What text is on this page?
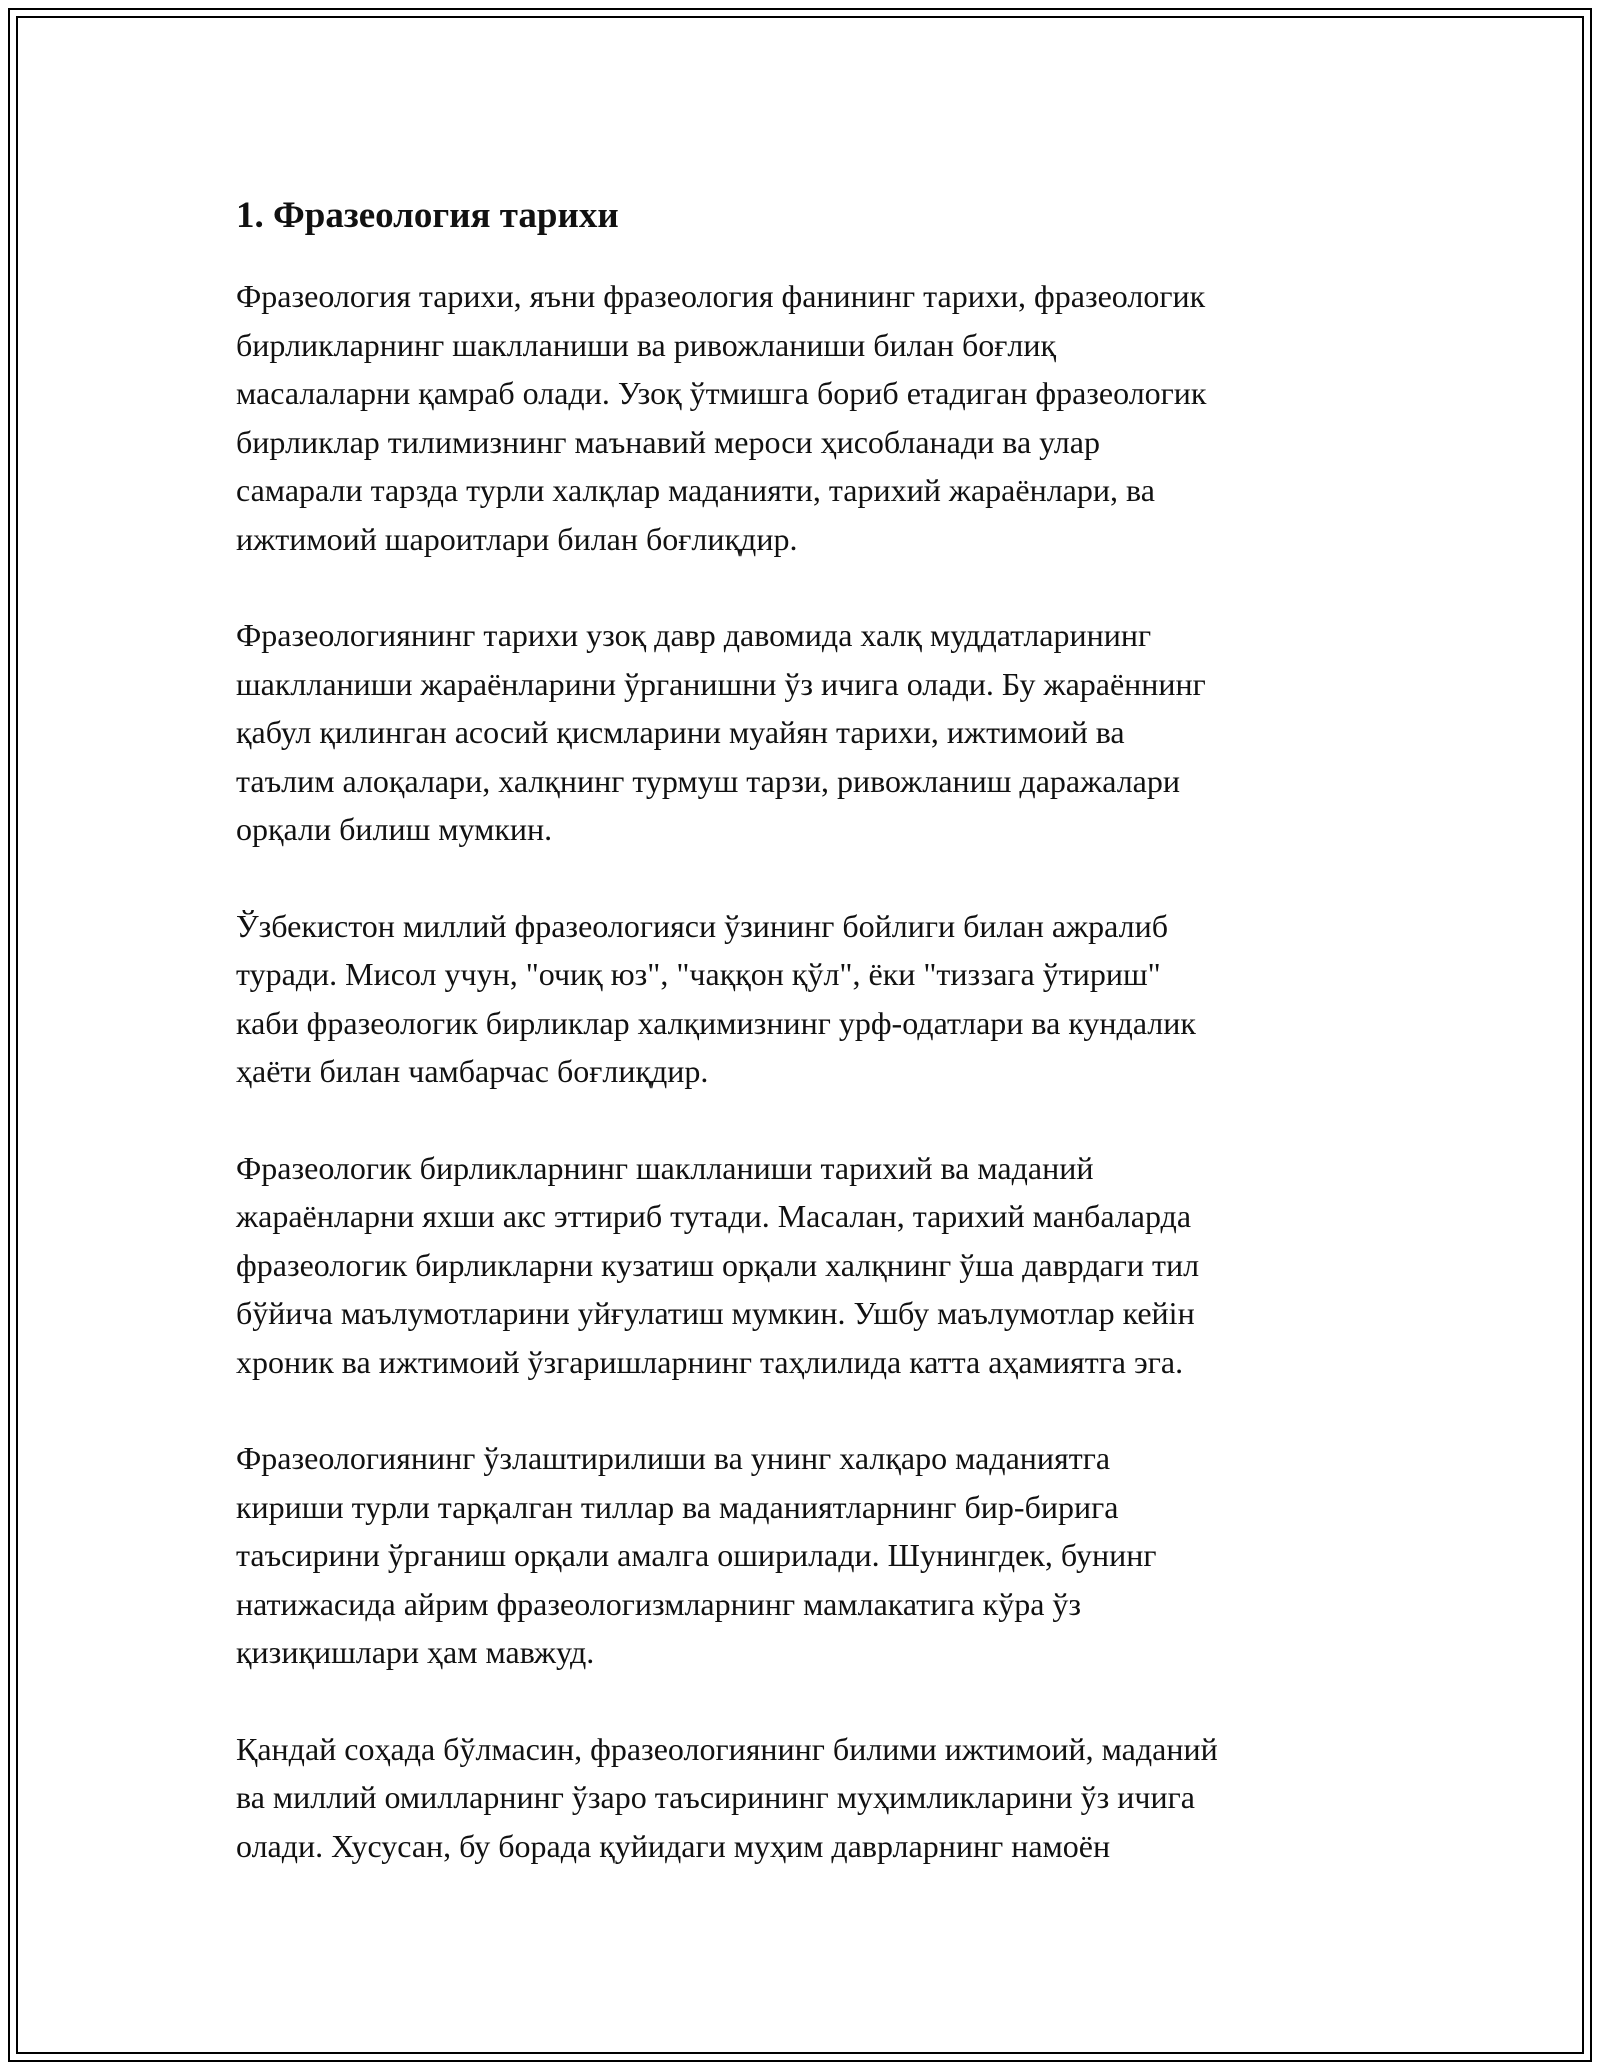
1. Фразеология тарихи

Фразеология тарихи, яъни фразеология фанининг тарихи, фразеологик
бирликларнинг шаклланиши ва ривожланиши билан боғлиқ
масалаларни қамраб олади. Узоқ ўтмишга бориб етадиган фразеологик
бирликлар тилимизнинг маънавий мероси ҳисобланади ва улар
самарали тарзда турли халқлар маданияти, тарихий жараёнлари, ва
ижтимоий шароитлари билан боғлиқдир.

Фразеологиянинг тарихи узоқ давр давомида халқ муддатларининг
шаклланиши жараёнларини ўрганишни ўз ичига олади. Бу жараённинг
қабул қилинган асосий қисмларини муайян тарихи, ижтимоий ва
таълим алоқалари, халқнинг турмуш тарзи, ривожланиш даражалари
орқали билиш мумкин.

Ўзбекистон миллий фразеологияси ўзининг бойлиги билан ажралиб
туради. Мисол учун, "очиқ юз", "чаққон қўл", ёки "тиззага ўтириш"
каби фразеологик бирликлар халқимизнинг урф-одатлари ва кундалик
ҳаёти билан чамбарчас боғлиқдир.

Фразеологик бирликларнинг шаклланиши тарихий ва маданий
жараёнларни яхши акс эттириб тутади. Масалан, тарихий манбаларда
фразеологик бирликларни кузатиш орқали халқнинг ўша даврдаги тил
бўйича маълумотларини уйғулатиш мумкин. Ушбу маълумотлар кейін
хроник ва ижтимоий ўзгаришларнинг таҳлилида катта аҳамиятга эга.

Фразеологиянинг ўзлаштирилиши ва унинг халқаро маданиятга
кириши турли тарқалган тиллар ва маданиятларнинг бир-бирига
таъсирини ўрганиш орқали амалга оширилади. Шунингдек, бунинг
натижасида айрим фразеологизмларнинг мамлакатига кўра ўз
қизиқишлари ҳам мавжуд.

Қандай соҳада бўлмасин, фразеологиянинг билими ижтимоий, маданий
ва миллий омилларнинг ўзаро таъсирининг муҳимликларини ўз ичига
олади. Хусусан, бу борада қуйидаги муҳим даврларнинг намоён
